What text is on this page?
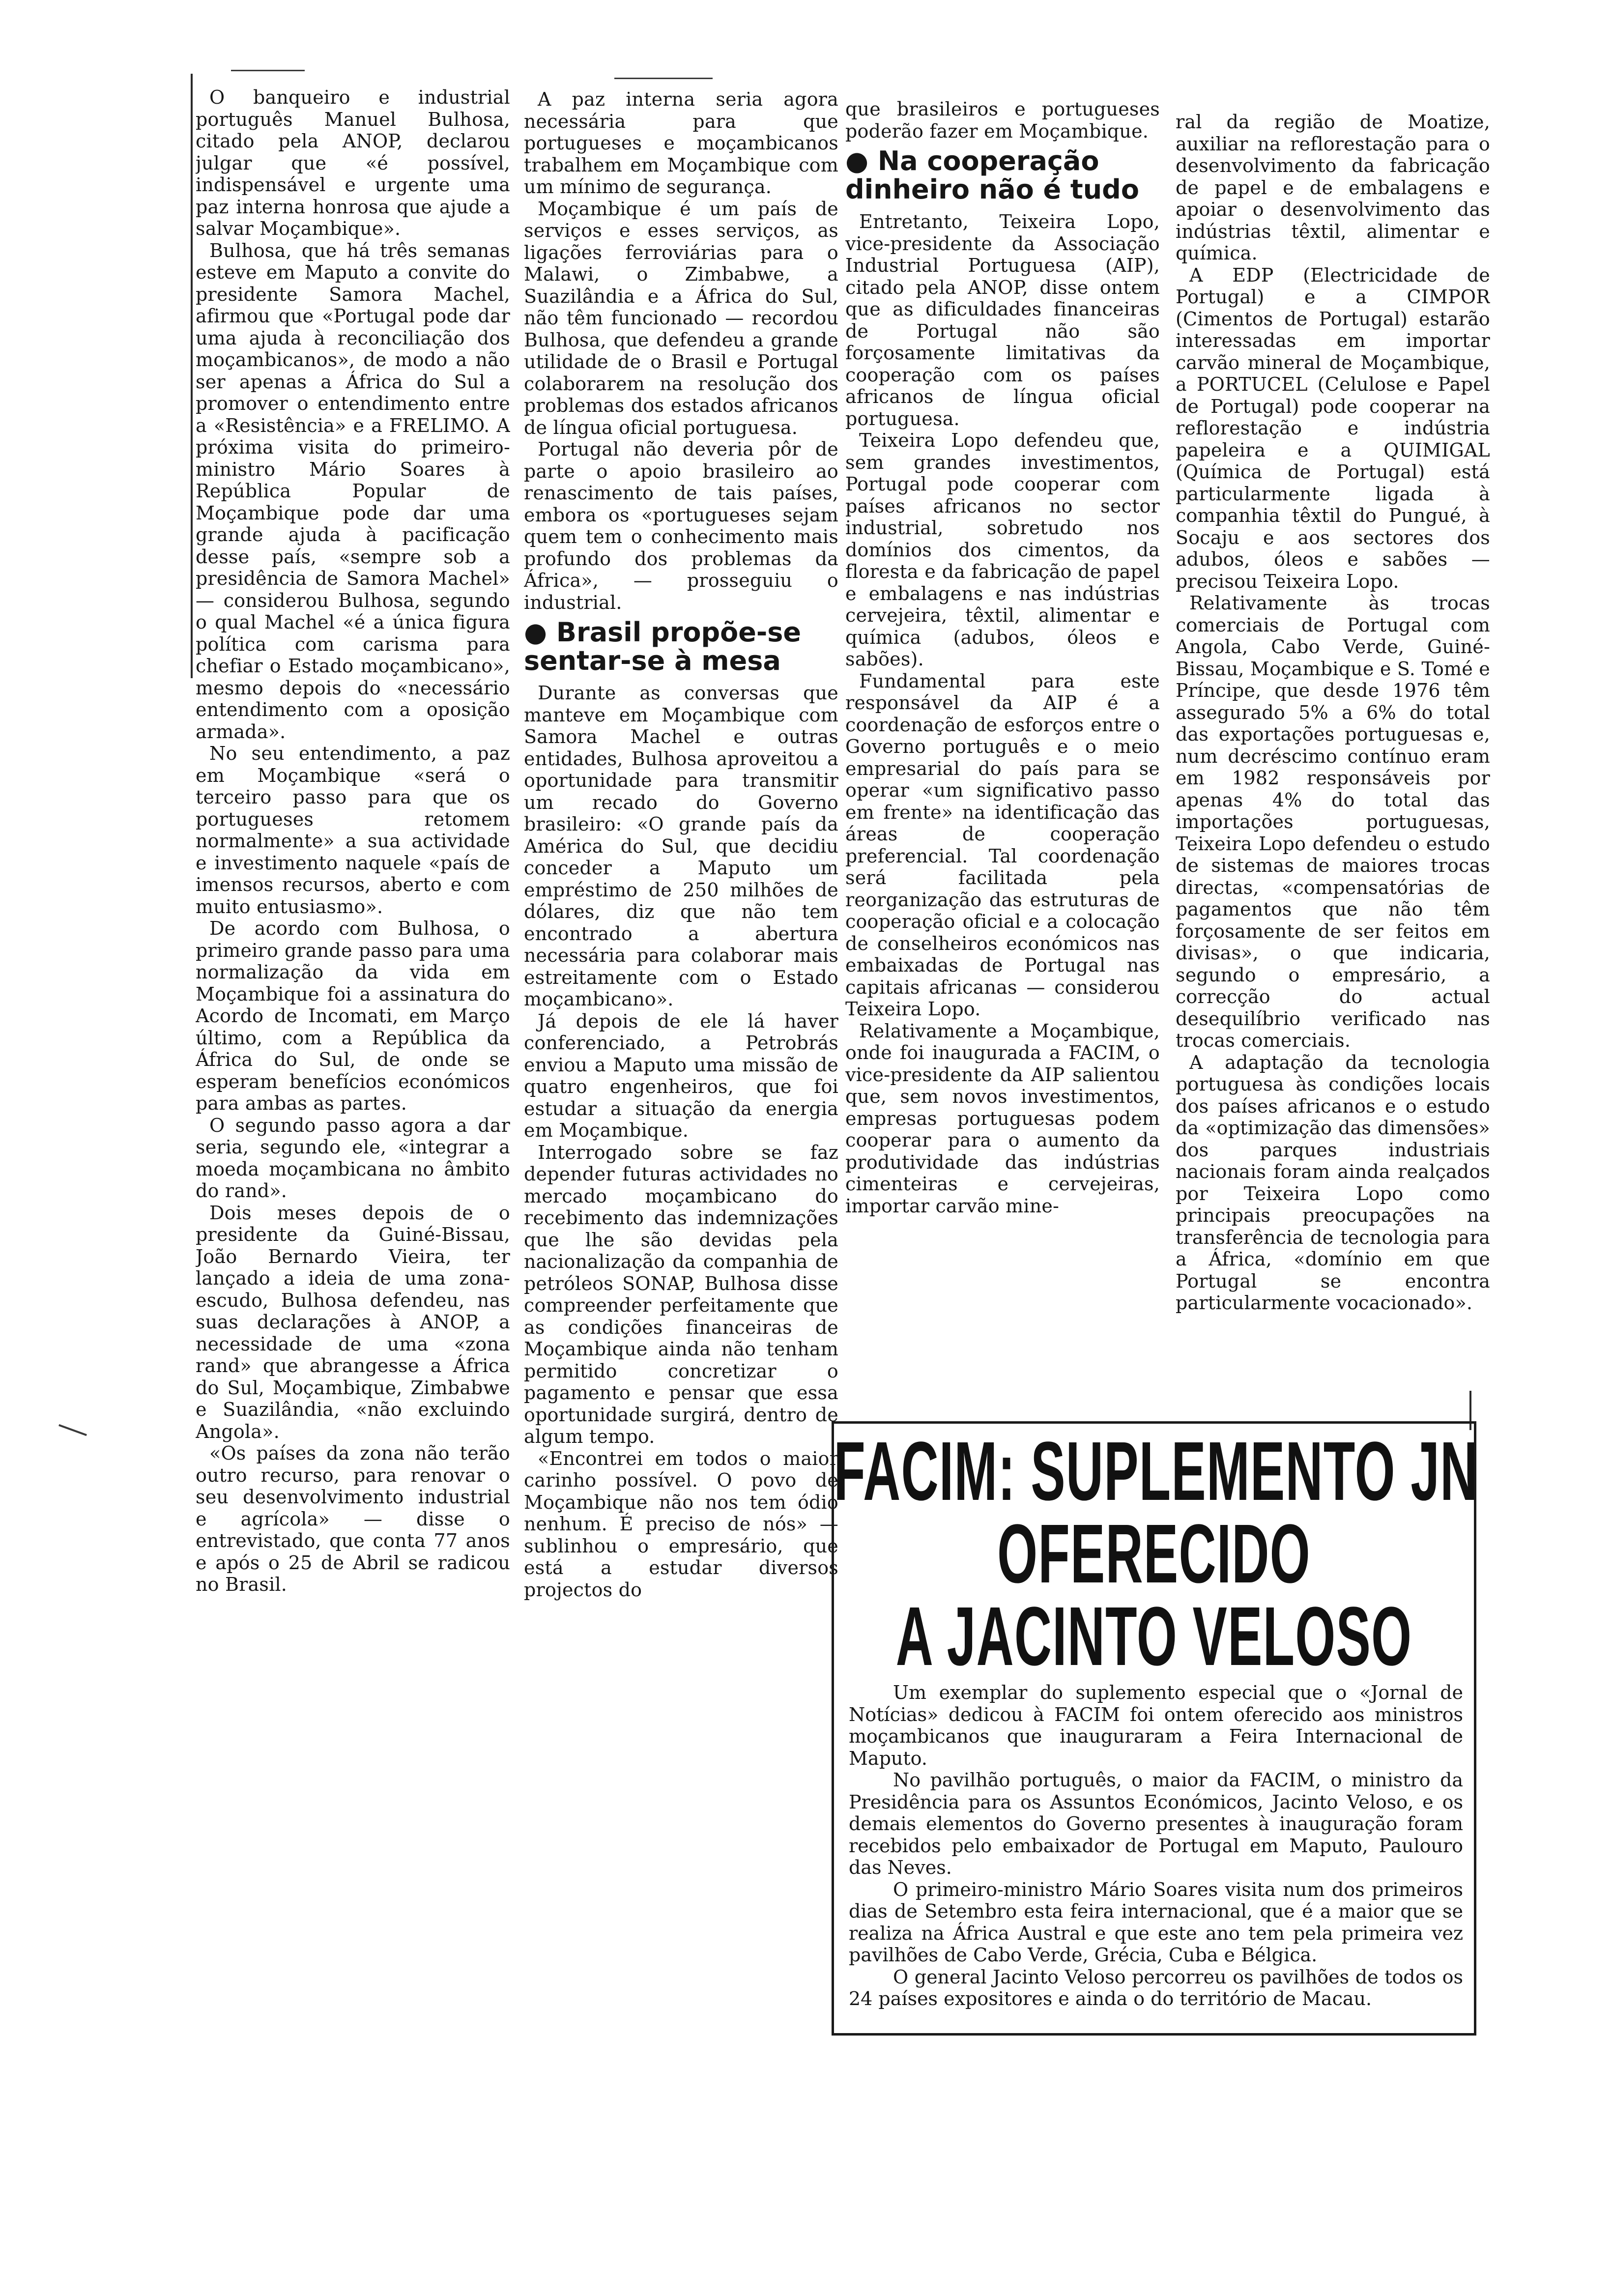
O banqueiro e industrial português Manuel Bulhosa, citado pela ANOP, declarou julgar que «é possível, indispensável e urgente uma paz interna honrosa que ajude a salvar Moçambique».

Bulhosa, que há três semanas esteve em Maputo a convite do presidente Samora Machel, afirmou que «Portugal pode dar uma ajuda à reconciliação dos moçambicanos», de modo a não ser apenas a África do Sul a promover o entendimento entre a «Resistência» e a FRELIMO. A próxima visita do primeiro-ministro Mário Soares à República Popular de Moçambique pode dar uma grande ajuda à pacificação desse país, «sempre sob a presidência de Samora Machel» — considerou Bulhosa, segundo o qual Machel «é a única figura política com carisma para chefiar o Estado moçambicano», mesmo depois do «necessário entendimento com a oposição armada».

No seu entendimento, a paz em Moçambique «será o terceiro passo para que os portugueses retomem normalmente» a sua actividade e investimento naquele «país de imensos recursos, aberto e com muito entusiasmo».

De acordo com Bulhosa, o primeiro grande passo para uma normalização da vida em Moçambique foi a assinatura do Acordo de Incomati, em Março último, com a República da África do Sul, de onde se esperam benefícios económicos para ambas as partes.

O segundo passo agora a dar seria, segundo ele, «integrar a moeda moçambicana no âmbito do rand».

Dois meses depois de o presidente da Guiné-Bissau, João Bernardo Vieira, ter lançado a ideia de uma zona-escudo, Bulhosa defendeu, nas suas declarações à ANOP, a necessidade de uma «zona rand» que abrangesse a África do Sul, Moçambique, Zimbabwe e Suazilândia, «não excluindo Angola».

«Os países da zona não terão outro recurso, para renovar o seu desenvolvimento industrial e agrícola» — disse o entrevistado, que conta 77 anos e após o 25 de Abril se radicou no Brasil.

A paz interna seria agora necessária para que portugueses e moçambicanos trabalhem em Moçambique com um mínimo de segurança.

Moçambique é um país de serviços e esses serviços, as ligações ferroviárias para o Malawi, o Zimbabwe, a Suazilândia e a África do Sul, não têm funcionado — recordou Bulhosa, que defendeu a grande utilidade de o Brasil e Portugal colaborarem na resolução dos problemas dos estados africanos de língua oficial portuguesa.

Portugal não deveria pôr de parte o apoio brasileiro ao renascimento de tais países, embora os «portugueses sejam quem tem o conhecimento mais profundo dos problemas da África», — prosseguiu o industrial.

● Brasil propõe-se sentar-se à mesa

Durante as conversas que manteve em Moçambique com Samora Machel e outras entidades, Bulhosa aproveitou a oportunidade para transmitir um recado do Governo brasileiro: «O grande país da América do Sul, que decidiu conceder a Maputo um empréstimo de 250 milhões de dólares, diz que não tem encontrado a abertura necessária para colaborar mais estreitamente com o Estado moçambicano».

Já depois de ele lá haver conferenciado, a Petrobrás enviou a Maputo uma missão de quatro engenheiros, que foi estudar a situação da energia em Moçambique.

Interrogado sobre se faz depender futuras actividades no mercado moçambicano do recebimento das indemnizações que lhe são devidas pela nacionalização da companhia de petróleos SONAP, Bulhosa disse compreender perfeitamente que as condições financeiras de Moçambique ainda não tenham permitido concretizar o pagamento e pensar que essa oportunidade surgirá, dentro de algum tempo.

«Encontrei em todos o maior carinho possível. O povo de Moçambique não nos tem ódio nenhum. É preciso de nós» — sublinhou o empresário, que está a estudar diversos projectos do

que brasileiros e portugueses poderão fazer em Moçambique.

● Na cooperação dinheiro não é tudo

Entretanto, Teixeira Lopo, vice-presidente da Associação Industrial Portuguesa (AIP), citado pela ANOP, disse ontem que as dificuldades financeiras de Portugal não são forçosamente limitativas da cooperação com os países africanos de língua oficial portuguesa.

Teixeira Lopo defendeu que, sem grandes investimentos, Portugal pode cooperar com países africanos no sector industrial, sobretudo nos domínios dos cimentos, da floresta e da fabricação de papel e embalagens e nas indústrias cervejeira, têxtil, alimentar e química (adubos, óleos e sabões).

Fundamental para este responsável da AIP é a coordenação de esforços entre o Governo português e o meio empresarial do país para se operar «um significativo passo em frente» na identificação das áreas de cooperação preferencial. Tal coordenação será facilitada pela reorganização das estruturas de cooperação oficial e a colocação de conselheiros económicos nas embaixadas de Portugal nas capitais africanas — considerou Teixeira Lopo.

Relativamente a Moçambique, onde foi inaugurada a FACIM, o vice-presidente da AIP salientou que, sem novos investimentos, empresas portuguesas podem cooperar para o aumento da produtividade das indústrias cimenteiras e cervejeiras, importar carvão mine-

ral da região de Moatize, auxiliar na reflorestação para o desenvolvimento da fabricação de papel e de embalagens e apoiar o desenvolvimento das indústrias têxtil, alimentar e química.

A EDP (Electricidade de Portugal) e a CIMPOR (Cimentos de Portugal) estarão interessadas em importar carvão mineral de Moçambique, a PORTUCEL (Celulose e Papel de Portugal) pode cooperar na reflorestação e indústria papeleira e a QUIMIGAL (Química de Portugal) está particularmente ligada à companhia têxtil do Pungué, à Socaju e aos sectores dos adubos, óleos e sabões — precisou Teixeira Lopo.

Relativamente às trocas comerciais de Portugal com Angola, Cabo Verde, Guiné-Bissau, Moçambique e S. Tomé e Príncipe, que desde 1976 têm assegurado 5% a 6% do total das exportações portuguesas e, num decréscimo contínuo eram em 1982 responsáveis por apenas 4% do total das importações portuguesas, Teixeira Lopo defendeu o estudo de sistemas de maiores trocas directas, «compensatórias de pagamentos que não têm forçosamente de ser feitos em divisas», o que indicaria, segundo o empresário, a correcção do actual desequilíbrio verificado nas trocas comerciais.

A adaptação da tecnologia portuguesa às condições locais dos países africanos e o estudo da «optimização das dimensões» dos parques industriais nacionais foram ainda realçados por Teixeira Lopo como principais preocupações na transferência de tecnologia para a África, «domínio em que Portugal se encontra particularmente vocacionado».

FACIM: SUPLEMENTO JN
OFERECIDO
A JACINTO VELOSO

Um exemplar do suplemento especial que o «Jornal de Notícias» dedicou à FACIM foi ontem oferecido aos ministros moçambicanos que inauguraram a Feira Internacional de Maputo.

No pavilhão português, o maior da FACIM, o ministro da Presidência para os Assuntos Económicos, Jacinto Veloso, e os demais elementos do Governo presentes à inauguração foram recebidos pelo embaixador de Portugal em Maputo, Paulouro das Neves.

O primeiro-ministro Mário Soares visita num dos primeiros dias de Setembro esta feira internacional, que é a maior que se realiza na África Austral e que este ano tem pela primeira vez pavilhões de Cabo Verde, Grécia, Cuba e Bélgica.

O general Jacinto Veloso percorreu os pavilhões de todos os 24 países expositores e ainda o do território de Macau.
